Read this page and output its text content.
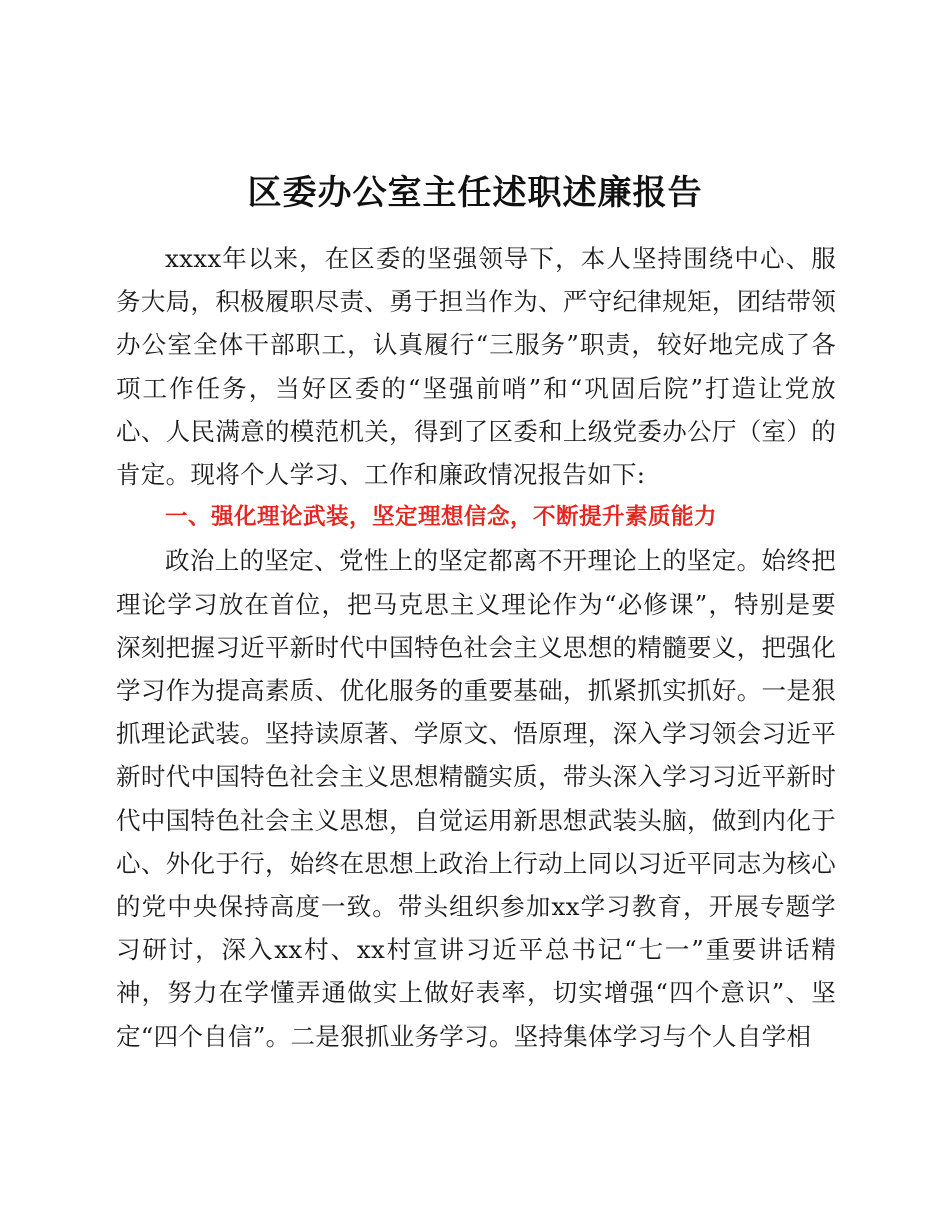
区委办公室主任述职述廉报告

xxxx年以来，在区委的坚强领导下，本人坚持围绕中心、服务大局，积极履职尽责、勇于担当作为、严守纪律规矩，团结带领办公室全体干部职工，认真履行“三服务”职责，较好地完成了各项工作任务，当好区委的“坚强前哨”和“巩固后院”打造让党放心、人民满意的模范机关，得到了区委和上级党委办公厅（室）的肯定。现将个人学习、工作和廉政情况报告如下:

一、强化理论武装，坚定理想信念，不断提升素质能力

政治上的坚定、党性上的坚定都离不开理论上的坚定。始终把理论学习放在首位，把马克思主义理论作为“必修课”，特别是要深刻把握习近平新时代中国特色社会主义思想的精髓要义，把强化学习作为提高素质、优化服务的重要基础，抓紧抓实抓好。一是狠抓理论武装。坚持读原著、学原文、悟原理，深入学习领会习近平新时代中国特色社会主义思想精髓实质，带头深入学习习近平新时代中国特色社会主义思想，自觉运用新思想武装头脑，做到内化于心、外化于行，始终在思想上政治上行动上同以习近平同志为核心的党中央保持高度一致。带头组织参加xx学习教育，开展专题学习研讨，深入xx村、xx村宣讲习近平总书记“七一”重要讲话精神，努力在学懂弄通做实上做好表率，切实增强“四个意识”、坚定“四个自信”。二是狠抓业务学习。坚持集体学习与个人自学相
